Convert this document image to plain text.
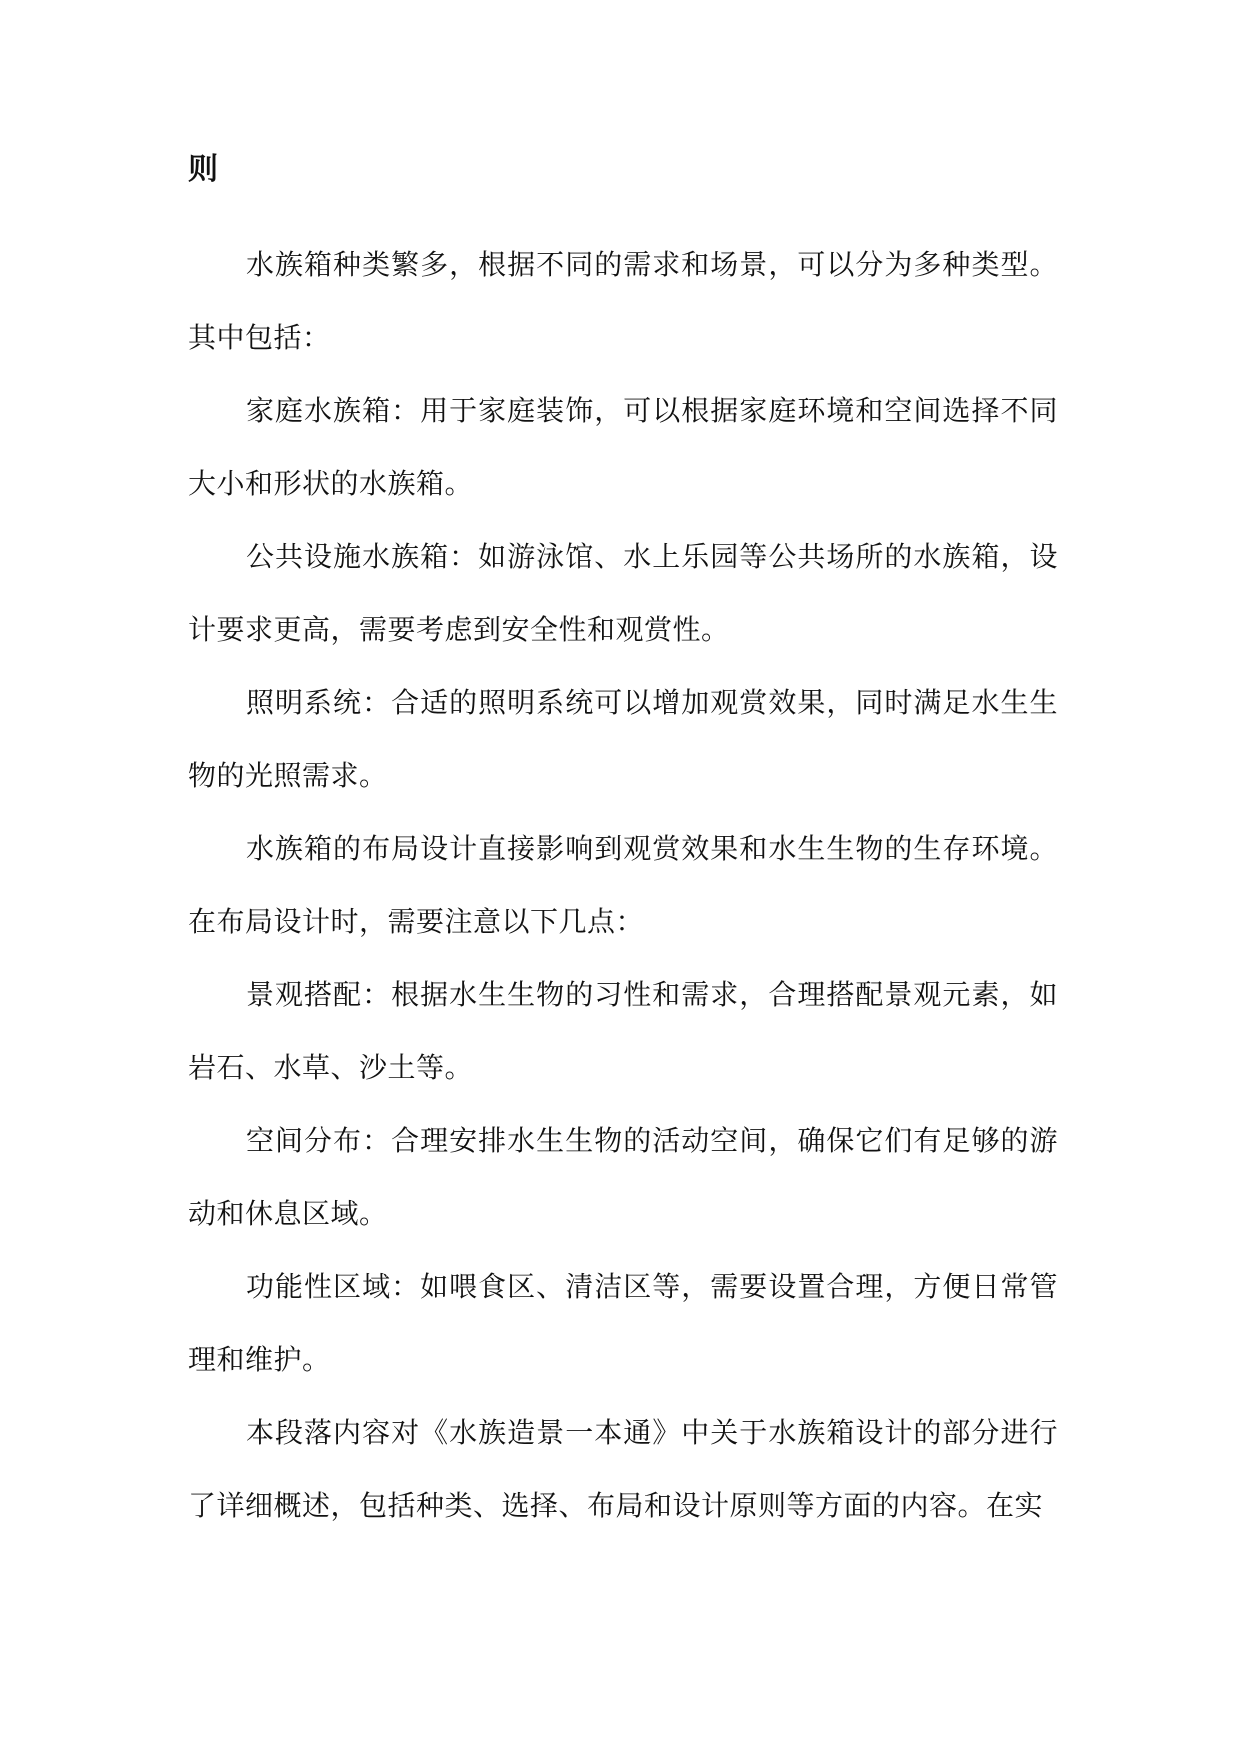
则

水族箱种类繁多，根据不同的需求和场景，可以分为多种类型。其中包括：

家庭水族箱：用于家庭装饰，可以根据家庭环境和空间选择不同大小和形状的水族箱。

公共设施水族箱：如游泳馆、水上乐园等公共场所的水族箱，设计要求更高，需要考虑到安全性和观赏性。

照明系统：合适的照明系统可以增加观赏效果，同时满足水生生物的光照需求。

水族箱的布局设计直接影响到观赏效果和水生生物的生存环境。在布局设计时，需要注意以下几点：

景观搭配：根据水生生物的习性和需求，合理搭配景观元素，如岩石、水草、沙土等。

空间分布：合理安排水生生物的活动空间，确保它们有足够的游动和休息区域。

功能性区域：如喂食区、清洁区等，需要设置合理，方便日常管理和维护。

本段落内容对《水族造景一本通》中关于水族箱设计的部分进行了详细概述，包括种类、选择、布局和设计原则等方面的内容。在实
